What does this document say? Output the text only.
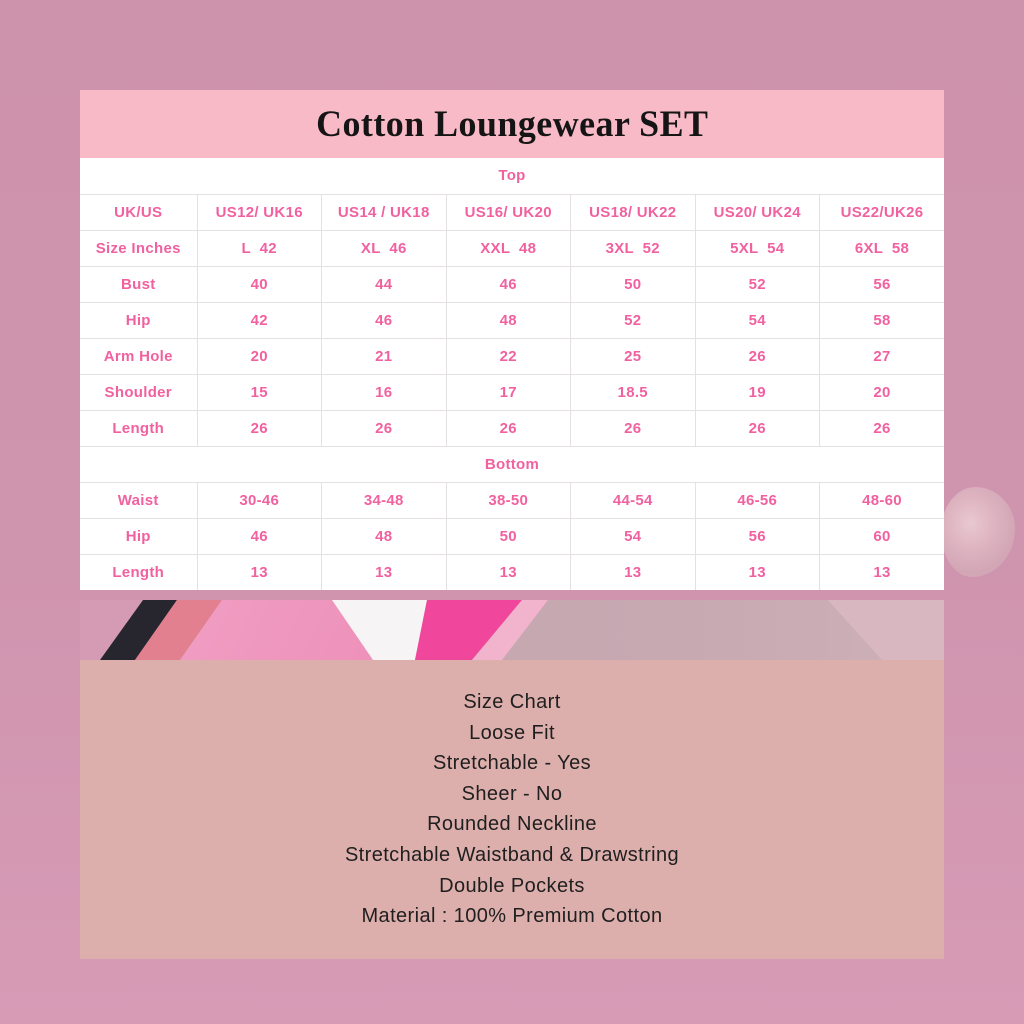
Cotton Loungewear SET
Top						
UK/US	US12/ UK16	US14 / UK18	US16/ UK20	US18/ UK22	US20/ UK24	US22/UK26
Size Inches	L  42	XL  46	XXL  48	3XL  52	5XL  54	6XL  58
Bust	40	44	46	50	52	56
Hip	42	46	48	52	54	58
Arm Hole	20	21	22	25	26	27
Shoulder	15	16	17	18.5	19	20
Length	26	26	26	26	26	26
Bottom						
Waist	30-46	34-48	38-50	44-54	46-56	48-60
Hip	46	48	50	54	56	60
Length	13	13	13	13	13	13
Size Chart
Loose Fit
Stretchable - Yes
Sheer - No
Rounded Neckline
Stretchable Waistband & Drawstring
Double Pockets
Material : 100% Premium Cotton
